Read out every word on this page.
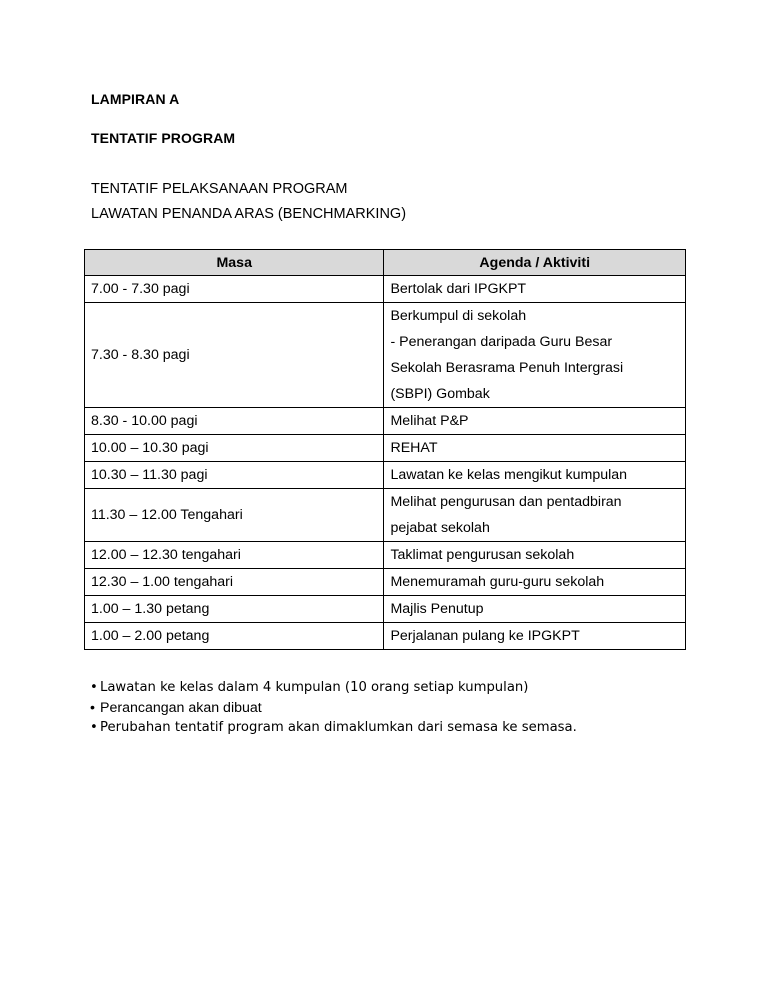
LAMPIRAN A
TENTATIF PROGRAM
TENTATIF PELAKSANAAN PROGRAM
LAWATAN PENANDA ARAS (BENCHMARKING)
Masa	Agenda / Aktiviti
7.00 - 7.30 pagi	Bertolak dari IPGKPT

7.30 - 8.30 pagi	Berkumpul di sekolah
- Penerangan daripada Guru Besar
Sekolah Berasrama Penuh Intergrasi
(SBPI) Gombak

8.30 - 10.00 pagi	Melihat P&P

10.00 – 10.30 pagi	REHAT

10.30 – 11.30 pagi	Lawatan ke kelas mengikut kumpulan

11.30 – 12.00 Tengahari	Melihat pengurusan dan pentadbiran
pejabat sekolah

12.00 – 12.30 tengahari	Taklimat pengurusan sekolah

12.30 – 1.00 tengahari	Menemuramah guru-guru sekolah

1.00 – 1.30 petang	Majlis Penutup

1.00 – 2.00 petang	Perjalanan pulang ke IPGKPT
• Lawatan ke kelas dalam 4 kumpulan (10 orang setiap kumpulan)
• Perancangan akan dibuat
• Perubahan tentatif program akan dimaklumkan dari semasa ke semasa.
